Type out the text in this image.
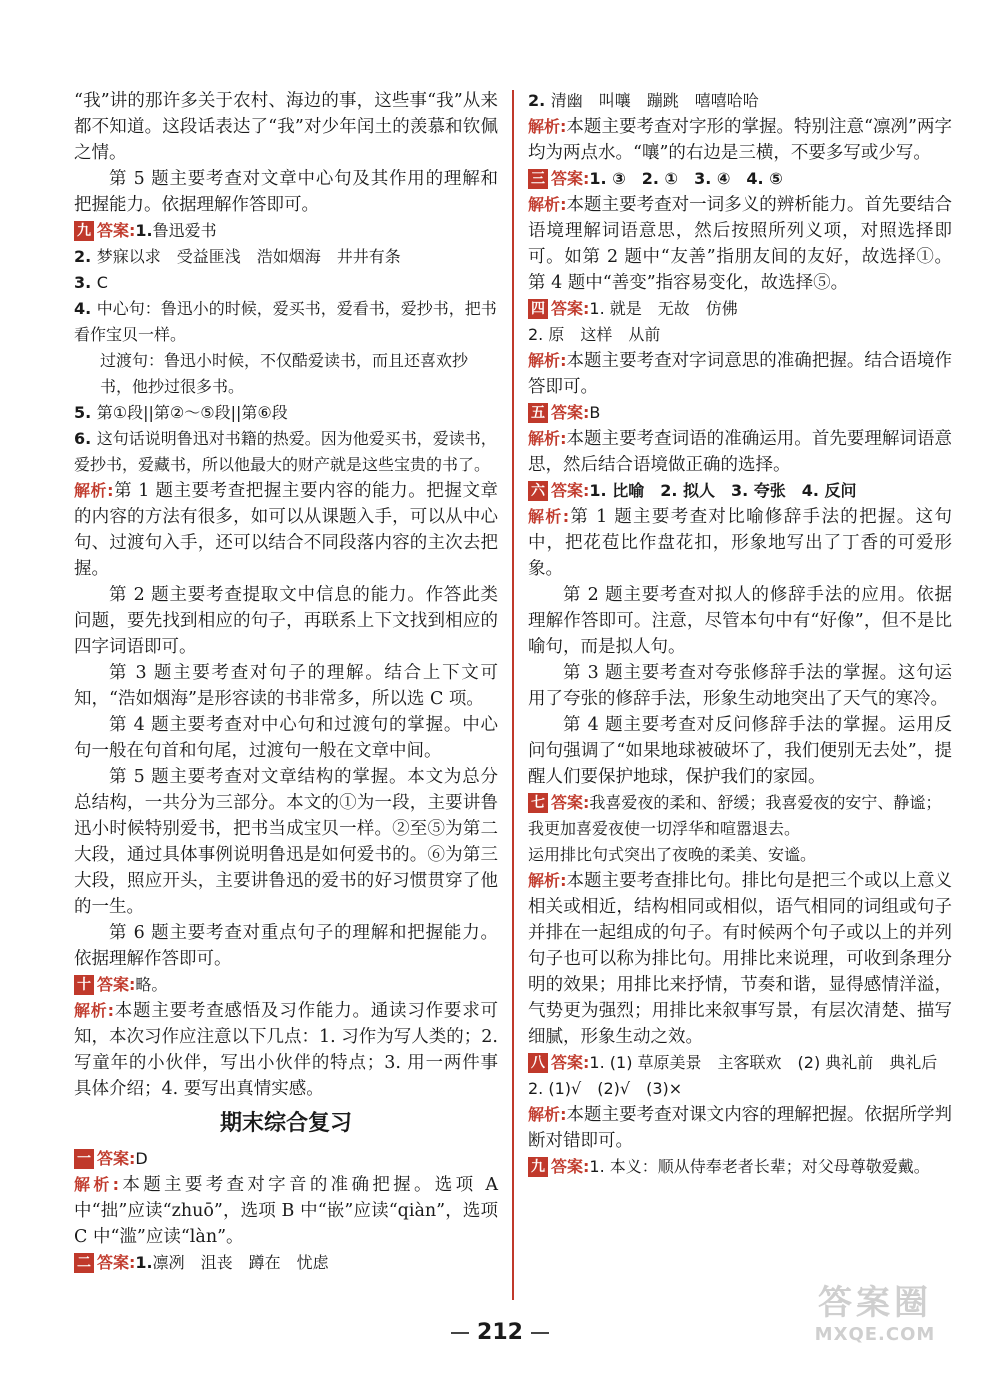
“我”讲的那许多关于农村、海边的事，这些事“我”从来都不知道。这段话表达了“我”对少年闰土的羡慕和钦佩之情。

第 5 题主要考查对文章中心句及其作用的理解和把握能力。依据理解作答即可。

九 答案:1.鲁迅爱书

2. 梦寐以求　受益匪浅　浩如烟海　井井有条

3. C

4. 中心句：鲁迅小的时候，爱买书，爱看书，爱抄书，把书看作宝贝一样。

过渡句：鲁迅小时候，不仅酷爱读书，而且还喜欢抄书，他抄过很多书。

5. 第①段||第②～⑤段||第⑥段

6. 这句话说明鲁迅对书籍的热爱。因为他爱买书，爱读书，爱抄书，爱藏书，所以他最大的财产就是这些宝贵的书了。

解析:第 1 题主要考查把握主要内容的能力。把握文章的内容的方法有很多，如可以从课题入手，可以从中心句、过渡句入手，还可以结合不同段落内容的主次去把握。

第 2 题主要考查提取文中信息的能力。作答此类问题，要先找到相应的句子，再联系上下文找到相应的四字词语即可。

第 3 题主要考查对句子的理解。结合上下文可知，“浩如烟海”是形容读的书非常多，所以选 C 项。

第 4 题主要考查对中心句和过渡句的掌握。中心句一般在句首和句尾，过渡句一般在文章中间。

第 5 题主要考查对文章结构的掌握。本文为总分总结构，一共分为三部分。本文的①为一段，主要讲鲁迅小时候特别爱书，把书当成宝贝一样。②至⑤为第二大段，通过具体事例说明鲁迅是如何爱书的。⑥为第三大段，照应开头，主要讲鲁迅的爱书的好习惯贯穿了他的一生。

第 6 题主要考查对重点句子的理解和把握能力。依据理解作答即可。

十 答案:略。

解析:本题主要考查感悟及习作能力。通读习作要求可知，本次习作应注意以下几点：1. 习作为写人类的；2. 写童年的小伙伴，写出小伙伴的特点；3. 用一两件事具体介绍；4. 要写出真情实感。

期末综合复习

一 答案:D

解析:本题主要考查对字音的准确把握。选项 A 中“拙”应读“zhuō”，选项 B 中“嵌”应读“qiàn”，选项 C 中“滥”应读“làn”。

二 答案:1.凛冽　沮丧　蹲在　忧虑

2. 清幽　叫嚷　蹦跳　嘻嘻哈哈

解析:本题主要考查对字形的掌握。特别注意“凛冽”两字均为两点水。“嚷”的右边是三横，不要多写或少写。

三 答案:1. ③　2. ①　3. ④　4. ⑤

解析:本题主要考查对一词多义的辨析能力。首先要结合语境理解词语意思，然后按照所列义项，对照选择即可。如第 2 题中“友善”指朋友间的友好，故选择①。第 4 题中“善变”指容易变化，故选择⑤。

四 答案:1. 就是　无故　仿佛

2. 原　这样　从前

解析:本题主要考查对字词意思的准确把握。结合语境作答即可。

五 答案:B

解析:本题主要考查词语的准确运用。首先要理解词语意思，然后结合语境做正确的选择。

六 答案:1. 比喻　2. 拟人　3. 夸张　4. 反问

解析:第 1 题主要考查对比喻修辞手法的把握。这句中，把花苞比作盘花扣，形象地写出了丁香的可爱形象。

第 2 题主要考查对拟人的修辞手法的应用。依据理解作答即可。注意，尽管本句中有“好像”，但不是比喻句，而是拟人句。

第 3 题主要考查对夸张修辞手法的掌握。这句运用了夸张的修辞手法，形象生动地突出了天气的寒冷。

第 4 题主要考查对反问修辞手法的掌握。运用反问句强调了“如果地球被破坏了，我们便别无去处”，提醒人们要保护地球，保护我们的家园。

七 答案:我喜爱夜的柔和、舒缓；我喜爱夜的安宁、静谧；我更加喜爱夜使一切浮华和喧嚣退去。

运用排比句式突出了夜晚的柔美、安谧。

解析:本题主要考查排比句。排比句是把三个或以上意义相关或相近，结构相同或相似，语气相同的词组或句子并排在一起组成的句子。有时候两个句子或以上的并列句子也可以称为排比句。用排比来说理，可收到条理分明的效果；用排比来抒情，节奏和谐，显得感情洋溢，气势更为强烈；用排比来叙事写景，有层次清楚、描写细腻，形象生动之效。

八 答案:1. (1) 草原美景　主客联欢　(2) 典礼前　典礼后

2. (1)√　(2)√　(3)×

解析:本题主要考查对课文内容的理解把握。依据所学判断对错即可。

九 答案:1. 本义：顺从侍奉老者长辈；对父母尊敬爱戴。

212
答案圈
MXQE.COM
